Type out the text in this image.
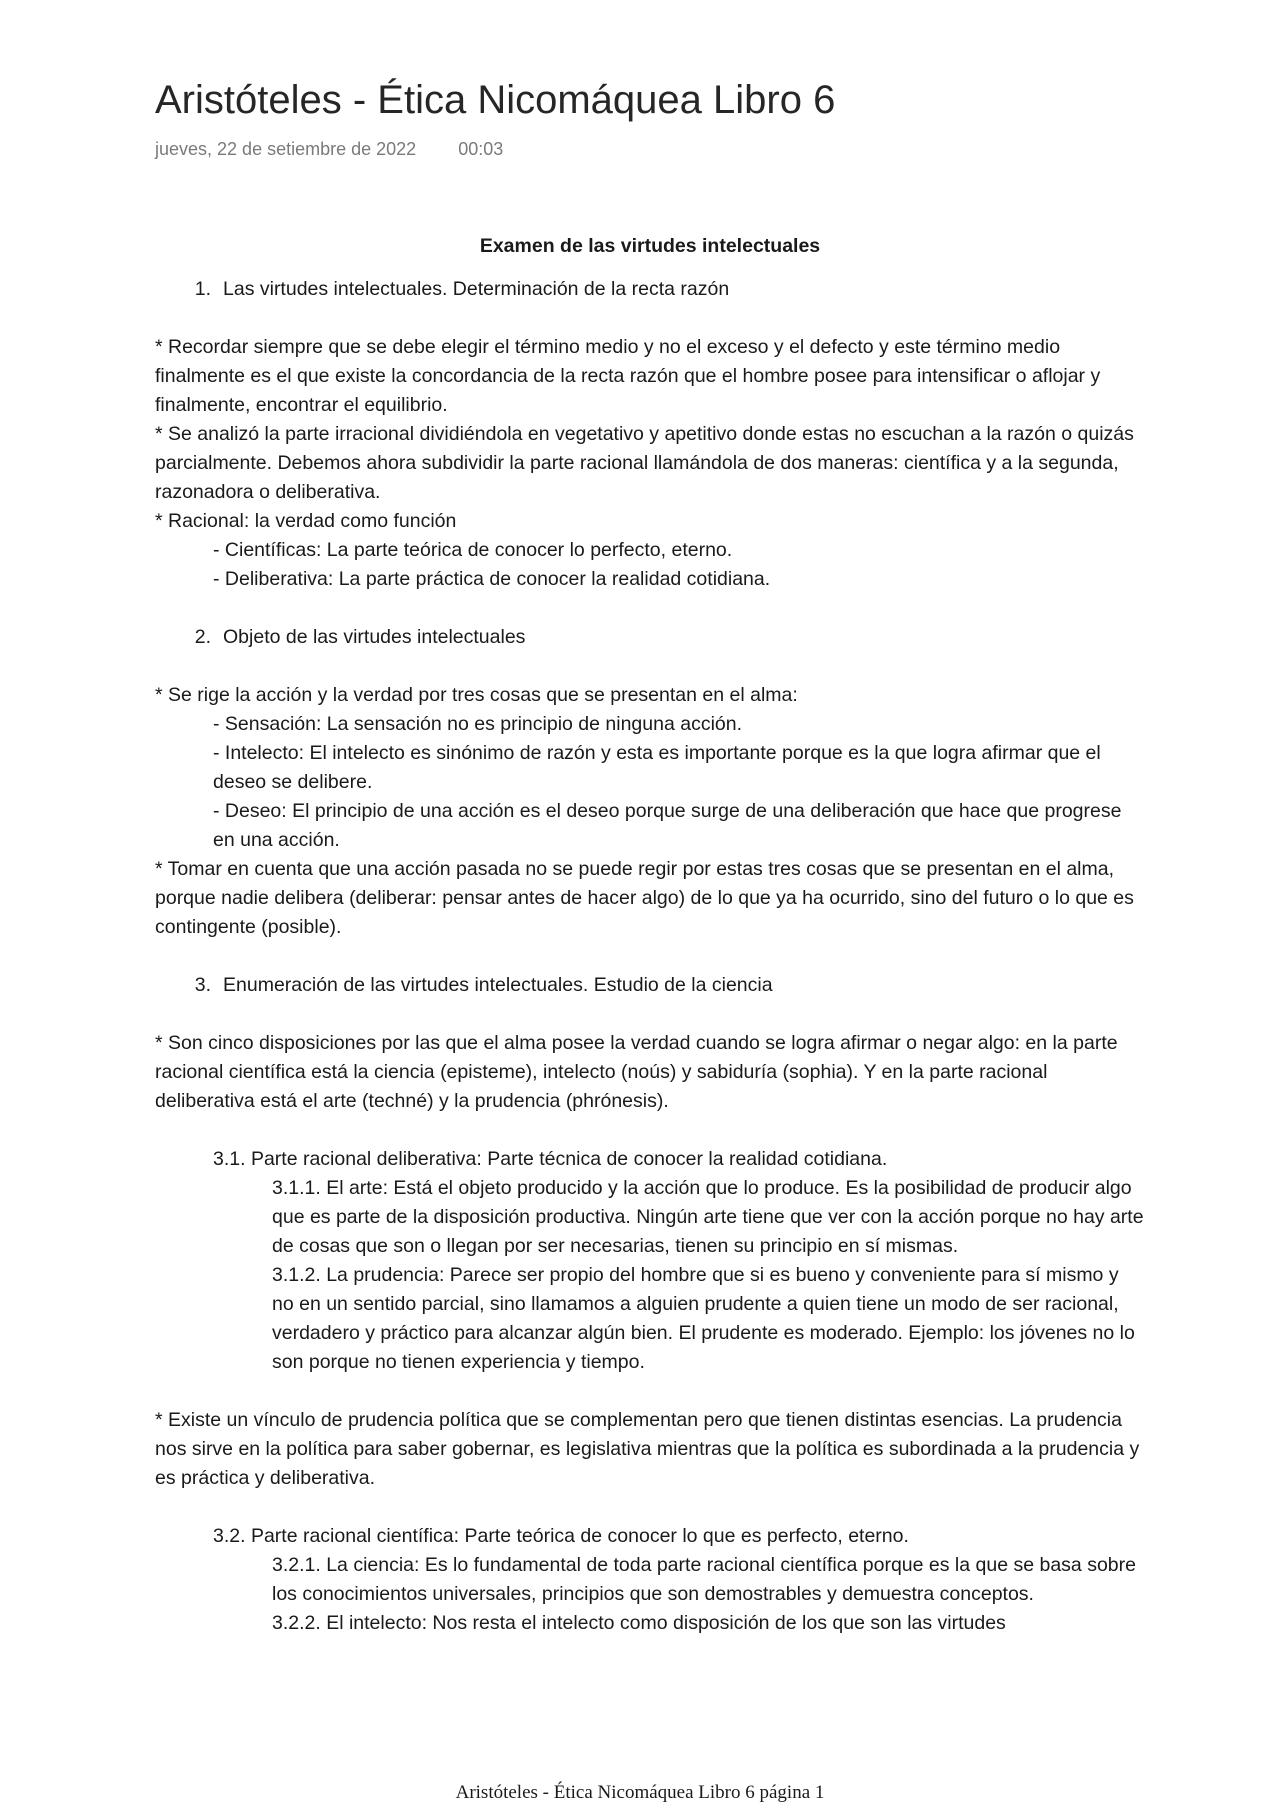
Aristóteles - Ética Nicomáquea Libro 6
jueves, 22 de setiembre de 2022 00:03

Examen de las virtudes intelectuales

1. Las virtudes intelectuales. Determinación de la recta razón

* Recordar siempre que se debe elegir el término medio y no el exceso y el defecto y este término medio finalmente es el que existe la concordancia de la recta razón que el hombre posee para intensificar o aflojar y finalmente, encontrar el equilibrio.

* Se analizó la parte irracional dividiéndola en vegetativo y apetitivo donde estas no escuchan a la razón o quizás parcialmente. Debemos ahora subdividir la parte racional llamándola de dos maneras: científica y a la segunda, razonadora o deliberativa.

* Racional: la verdad como función

- Científicas: La parte teórica de conocer lo perfecto, eterno.

- Deliberativa: La parte práctica de conocer la realidad cotidiana.

2. Objeto de las virtudes intelectuales

* Se rige la acción y la verdad por tres cosas que se presentan en el alma:

- Sensación: La sensación no es principio de ninguna acción.

- Intelecto: El intelecto es sinónimo de razón y esta es importante porque es la que logra afirmar que el deseo se delibere.

- Deseo: El principio de una acción es el deseo porque surge de una deliberación que hace que progrese en una acción.

* Tomar en cuenta que una acción pasada no se puede regir por estas tres cosas que se presentan en el alma, porque nadie delibera (deliberar: pensar antes de hacer algo) de lo que ya ha ocurrido, sino del futuro o lo que es contingente (posible).

3. Enumeración de las virtudes intelectuales. Estudio de la ciencia

* Son cinco disposiciones por las que el alma posee la verdad cuando se logra afirmar o negar algo: en la parte racional científica está la ciencia (episteme), intelecto (noús) y sabiduría (sophia). Y en la parte racional deliberativa está el arte (techné) y la prudencia (phrónesis).

3.1. Parte racional deliberativa: Parte técnica de conocer la realidad cotidiana.

3.1.1. El arte: Está el objeto producido y la acción que lo produce. Es la posibilidad de producir algo que es parte de la disposición productiva. Ningún arte tiene que ver con la acción porque no hay arte de cosas que son o llegan por ser necesarias, tienen su principio en sí mismas.

3.1.2. La prudencia: Parece ser propio del hombre que si es bueno y conveniente para sí mismo y no en un sentido parcial, sino llamamos a alguien prudente a quien tiene un modo de ser racional, verdadero y práctico para alcanzar algún bien. El prudente es moderado. Ejemplo: los jóvenes no lo son porque no tienen experiencia y tiempo.

* Existe un vínculo de prudencia política que se complementan pero que tienen distintas esencias. La prudencia nos sirve en la política para saber gobernar, es legislativa mientras que la política es subordinada a la prudencia y es práctica y deliberativa.

3.2. Parte racional científica: Parte teórica de conocer lo que es perfecto, eterno.

3.2.1. La ciencia: Es lo fundamental de toda parte racional científica porque es la que se basa sobre los conocimientos universales, principios que son demostrables y demuestra conceptos.

3.2.2. El intelecto: Nos resta el intelecto como disposición de los que son las virtudes

Aristóteles - Ética Nicomáquea Libro 6 página 1
